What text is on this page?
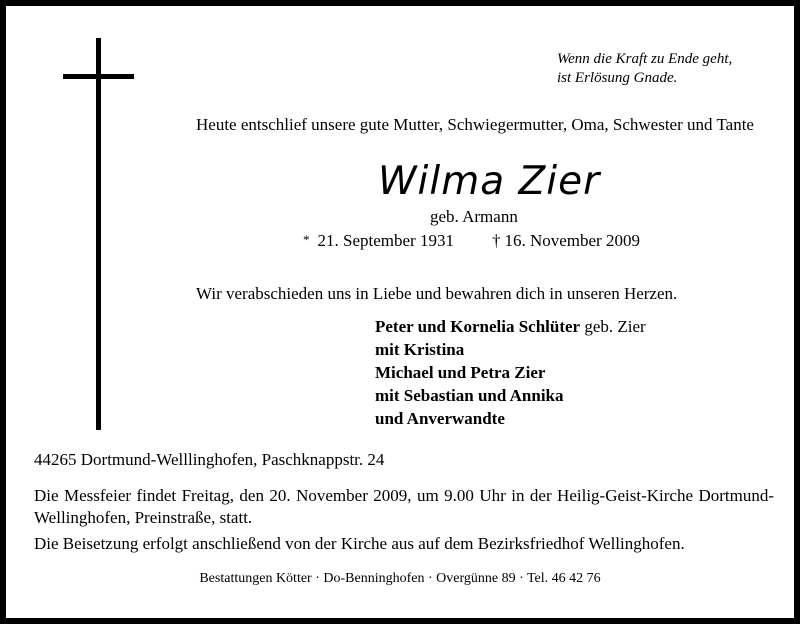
Wenn die Kraft zu Ende geht,
ist Erlösung Gnade.
Heute entschlief unsere gute Mutter, Schwiegermutter, Oma, Schwester und Tante
Wilma Zier
geb. Armann
* 21. September 1931 † 16. November 2009
Wir verabschieden uns in Liebe und bewahren dich in unseren Herzen.
Peter und Kornelia Schlüter geb. Zier
mit Kristina
Michael und Petra Zier
mit Sebastian und Annika
und Anverwandte
44265 Dortmund-Welllinghofen, Paschknappstr. 24
Die Messfeier findet Freitag, den 20. November 2009, um 9.00 Uhr in der Heilig-Geist-Kirche Dortmund-Wellinghofen, Preinstraße, statt.
Die Beisetzung erfolgt anschließend von der Kirche aus auf dem Bezirksfriedhof Wellinghofen.
Bestattungen Kötter · Do-Benninghofen · Overgünne 89 · Tel. 46 42 76
